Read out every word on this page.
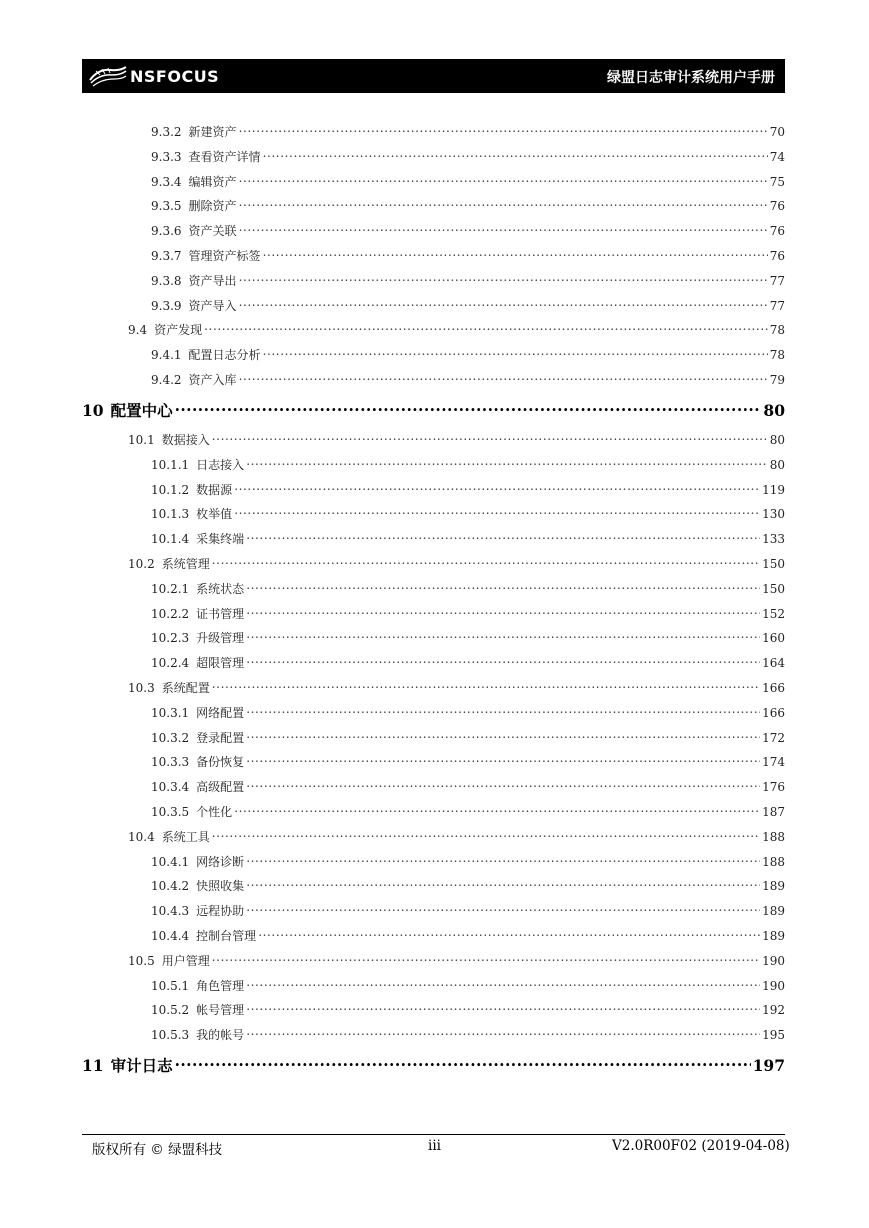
NSFOCUS	绿盟日志审计系统用户手册
9.3.2 新建资产 .....	70
9.3.3 查看资产详情 .....	74
9.3.4 编辑资产 .....	75
9.3.5 删除资产 .....	76
9.3.6 资产关联 .....	76
9.3.7 管理资产标签 .....	76
9.3.8 资产导出 .....	77
9.3.9 资产导入 .....	77
9.4 资产发现 .....	78
9.4.1 配置日志分析 .....	78
9.4.2 资产入库 .....	79
10 配置中心 .....	80
10.1 数据接入 .....	80
10.1.1 日志接入 .....	80
10.1.2 数据源 .....	119
10.1.3 枚举值 .....	130
10.1.4 采集终端 .....	133
10.2 系统管理 .....	150
10.2.1 系统状态 .....	150
10.2.2 证书管理 .....	152
10.2.3 升级管理 .....	160
10.2.4 超限管理 .....	164
10.3 系统配置 .....	166
10.3.1 网络配置 .....	166
10.3.2 登录配置 .....	172
10.3.3 备份恢复 .....	174
10.3.4 高级配置 .....	176
10.3.5 个性化 .....	187
10.4 系统工具 .....	188
10.4.1 网络诊断 .....	188
10.4.2 快照收集 .....	189
10.4.3 远程协助 .....	189
10.4.4 控制台管理 .....	189
10.5 用户管理 .....	190
10.5.1 角色管理 .....	190
10.5.2 帐号管理 .....	192
10.5.3 我的帐号 .....	195
11 审计日志 .....	197
版权所有 © 绿盟科技	iii	V2.0R00F02 (2019-04-08)
